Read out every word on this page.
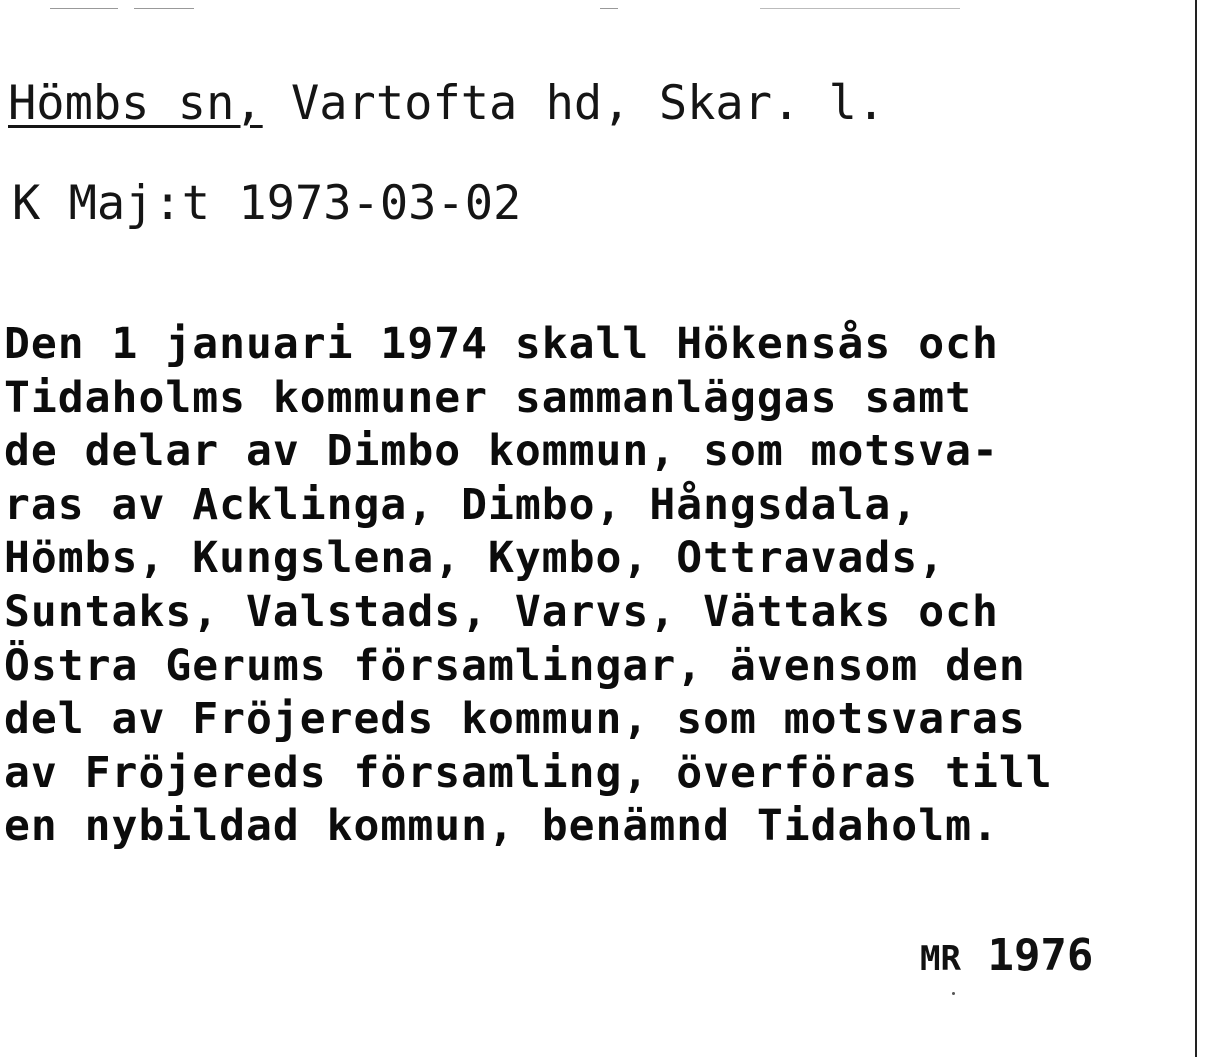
Hömbs sn, Vartofta hd, Skar. l.
K Maj:t 1973-03-02
Den 1 januari 1974 skall Hökensås och
Tidaholms kommuner sammanläggas samt
de delar av Dimbo kommun, som motsva-
ras av Acklinga, Dimbo, Hångsdala,
Hömbs, Kungslena, Kymbo, Ottravads,
Suntaks, Valstads, Varvs, Vättaks och
Östra Gerums församlingar, ävensom den
del av Fröjereds kommun, som motsvaras
av Fröjereds församling, överföras till
en nybildad kommun, benämnd Tidaholm.
MR 1976
